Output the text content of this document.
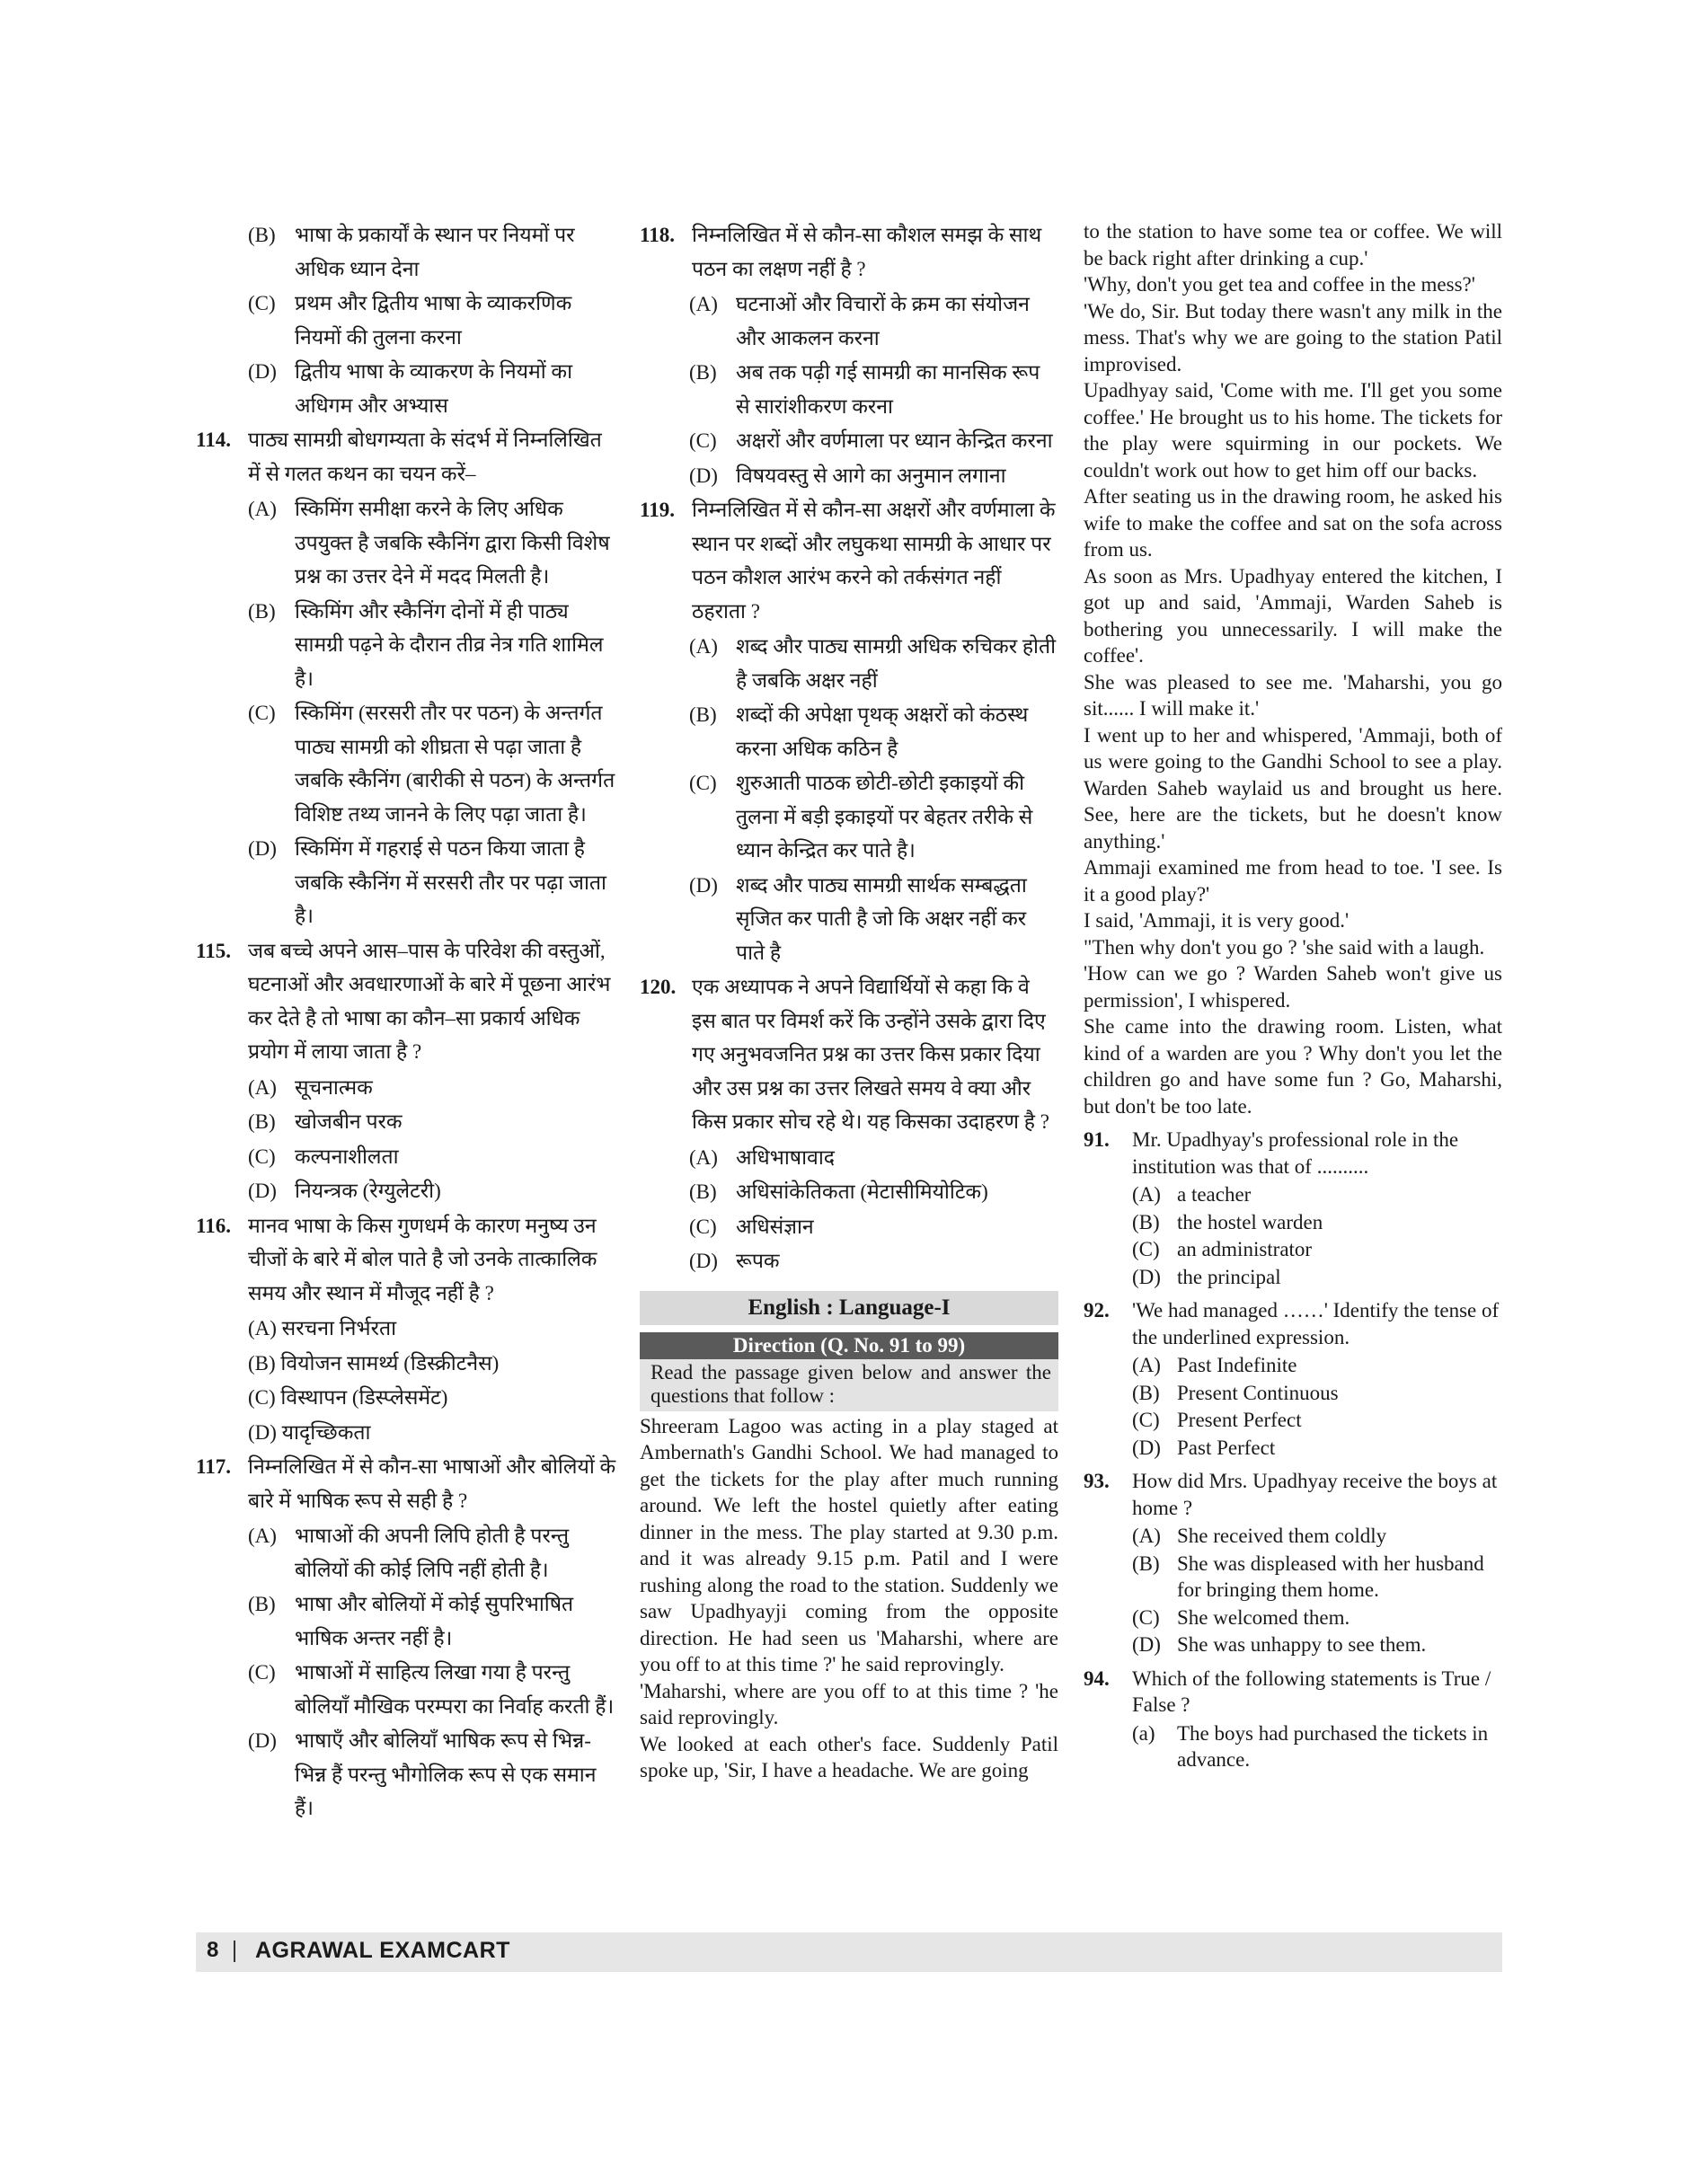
(B) भाषा के प्रकार्यों के स्थान पर नियमों पर अधिक ध्यान देना
(C) प्रथम और द्वितीय भाषा के व्याकरणिक नियमों की तुलना करना
(D) द्वितीय भाषा के व्याकरण के नियमों का अधिगम और अभ्यास
114. पाठ्य सामग्री बोधगम्यता के संदर्भ में निम्नलिखित में से गलत कथन का चयन करें–
(A) स्किमिंग समीक्षा करने के लिए अधिक उपयुक्त है जबकि स्कैनिंग द्वारा किसी विशेष प्रश्न का उत्तर देने में मदद मिलती है।
(B) स्किमिंग और स्कैनिंग दोनों में ही पाठ्य सामग्री पढ़ने के दौरान तीव्र नेत्र गति शामिल है।
(C) स्किमिंग (सरसरी तौर पर पठन) के अन्तर्गत पाठ्य सामग्री को शीघ्रता से पढ़ा जाता है जबकि स्कैनिंग (बारीकी से पठन) के अन्तर्गत विशिष्ट तथ्य जानने के लिए पढ़ा जाता है।
(D) स्किमिंग में गहराई से पठन किया जाता है जबकि स्कैनिंग में सरसरी तौर पर पढ़ा जाता है।
115. जब बच्चे अपने आस–पास के परिवेश की वस्तुओं, घटनाओं और अवधारणाओं के बारे में पूछना आरंभ कर देते है तो भाषा का कौन–सा प्रकार्य अधिक प्रयोग में लाया जाता है ?
(A) सूचनात्मक
(B) खोजबीन परक
(C) कल्पनाशीलता
(D) नियन्त्रक (रेग्युलेटरी)
116. मानव भाषा के किस गुणधर्म के कारण मनुष्य उन चीजों के बारे में बोल पाते है जो उनके तात्कालिक समय और स्थान में मौजूद नहीं है ?
(A) सरचना निर्भरता
(B) वियोजन सामर्थ्य (डिस्क्रीटनैस)
(C) विस्थापन (डिस्प्लेसमेंट)
(D) यादृच्छिकता
117. निम्नलिखित में से कौन-सा भाषाओं और बोलियों के बारे में भाषिक रूप से सही है ?
(A) भाषाओं की अपनी लिपि होती है परन्तु बोलियों की कोई लिपि नहीं होती है।
(B) भाषा और बोलियों में कोई सुपरिभाषित भाषिक अन्तर नहीं है।
(C) भाषाओं में साहित्य लिखा गया है परन्तु बोलियाँ मौखिक परम्परा का निर्वाह करती हैं।
(D) भाषाएँ और बोलियाँ भाषिक रूप से भिन्न-भिन्न हैं परन्तु भौगोलिक रूप से एक समान हैं।
118. निम्नलिखित में से कौन-सा कौशल समझ के साथ पठन का लक्षण नहीं है ?
(A) घटनाओं और विचारों के क्रम का संयोजन और आकलन करना
(B) अब तक पढ़ी गई सामग्री का मानसिक रूप से सारांशीकरण करना
(C) अक्षरों और वर्णमाला पर ध्यान केन्द्रित करना
(D) विषयवस्तु से आगे का अनुमान लगाना
119. निम्नलिखित में से कौन-सा अक्षरों और वर्णमाला के स्थान पर शब्दों और लघुकथा सामग्री के आधार पर पठन कौशल आरंभ करने को तर्कसंगत नहीं ठहराता ?
(A) शब्द और पाठ्य सामग्री अधिक रुचिकर होती है जबकि अक्षर नहीं
(B) शब्दों की अपेक्षा पृथक् अक्षरों को कंठस्थ करना अधिक कठिन है
(C) शुरुआती पाठक छोटी-छोटी इकाइयों की तुलना में बड़ी इकाइयों पर बेहतर तरीके से ध्यान केन्द्रित कर पाते है।
(D) शब्द और पाठ्य सामग्री सार्थक सम्बद्धता सृजित कर पाती है जो कि अक्षर नहीं कर पाते है
120. एक अध्यापक ने अपने विद्यार्थियों से कहा कि वे इस बात पर विमर्श करें कि उन्होंने उसके द्वारा दिए गए अनुभवजनित प्रश्न का उत्तर किस प्रकार दिया और उस प्रश्न का उत्तर लिखते समय वे क्या और किस प्रकार सोच रहे थे। यह किसका उदाहरण है ?
(A) अधिभाषावाद
(B) अधिसांकेतिकता (मेटासीमियोटिक)
(C) अधिसंज्ञान
(D) रूपक
English : Language-I
Direction (Q. No. 91 to 99)
Read the passage given below and answer the questions that follow :

Shreeram Lagoo was acting in a play staged at Ambernath's Gandhi School. We had managed to get the tickets for the play after much running around. We left the hostel quietly after eating dinner in the mess. The play started at 9.30 p.m. and it was already 9.15 p.m. Patil and I were rushing along the road to the station. Suddenly we saw Upadhyayji coming from the opposite direction. He had seen us 'Maharshi, where are you off to at this time ?' he said reprovingly.

'Maharshi, where are you off to at this time ? 'he said reprovingly.

We looked at each other's face. Suddenly Patil spoke up, 'Sir, I have a headache. We are going

to the station to have some tea or coffee. We will be back right after drinking a cup.'

'Why, don't you get tea and coffee in the mess?'

'We do, Sir. But today there wasn't any milk in the mess. That's why we are going to the station Patil improvised.

Upadhyay said, 'Come with me. I'll get you some coffee.' He brought us to his home. The tickets for the play were squirming in our pockets. We couldn't work out how to get him off our backs.

After seating us in the drawing room, he asked his wife to make the coffee and sat on the sofa across from us.

As soon as Mrs. Upadhyay entered the kitchen, I got up and said, 'Ammaji, Warden Saheb is bothering you unnecessarily. I will make the coffee'.

She was pleased to see me. 'Maharshi, you go sit...... I will make it.'

I went up to her and whispered, 'Ammaji, both of us were going to the Gandhi School to see a play. Warden Saheb waylaid us and brought us here. See, here are the tickets, but he doesn't know anything.'

Ammaji examined me from head to toe. 'I see. Is it a good play?'

I said, 'Ammaji, it is very good.'

"Then why don't you go ? 'she said with a laugh.

'How can we go ? Warden Saheb won't give us permission', I whispered.

She came into the drawing room. Listen, what kind of a warden are you ? Why don't you let the children go and have some fun ? Go, Maharshi, but don't be too late.

91. Mr. Upadhyay's professional role in the institution was that of ..........
(A) a teacher
(B) the hostel warden
(C) an administrator
(D) the principal
92. 'We had managed ……' Identify the tense of the underlined expression.
(A) Past Indefinite
(B) Present Continuous
(C) Present Perfect
(D) Past Perfect
93. How did Mrs. Upadhyay receive the boys at home ?
(A) She received them coldly
(B) She was displeased with her husband for bringing them home.
(C) She welcomed them.
(D) She was unhappy to see them.
94. Which of the following statements is True / False ?
(a) The boys had purchased the tickets in advance.
8 AGRAWAL EXAMCART
